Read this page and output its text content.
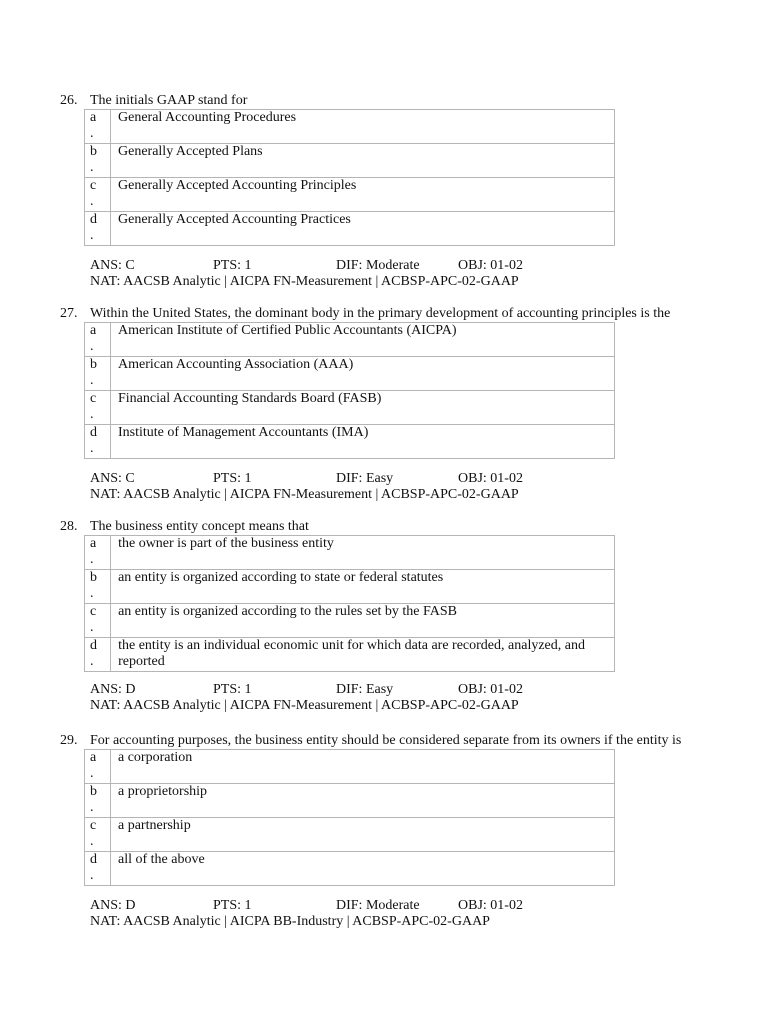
26. The initials GAAP stand for
a
.	General Accounting Procedures
b
.	Generally Accepted Plans
c
.	Generally Accepted Accounting Principles
d
.	Generally Accepted Accounting Practices
ANS: C	PTS: 1	DIF: Moderate	OBJ: 01-02
NAT: AACSB Analytic | AICPA FN-Measurement | ACBSP-APC-02-GAAP
27. Within the United States, the dominant body in the primary development of accounting principles is the
a
.	American Institute of Certified Public Accountants (AICPA)
b
.	American Accounting Association (AAA)
c
.	Financial Accounting Standards Board (FASB)
d
.	Institute of Management Accountants (IMA)
ANS: C	PTS: 1	DIF: Easy	OBJ: 01-02
NAT: AACSB Analytic | AICPA FN-Measurement | ACBSP-APC-02-GAAP
28. The business entity concept means that
a
.	the owner is part of the business entity
b
.	an entity is organized according to state or federal statutes
c
.	an entity is organized according to the rules set by the FASB
d
.	the entity is an individual economic unit for which data are recorded, analyzed, and reported
ANS: D	PTS: 1	DIF: Easy	OBJ: 01-02
NAT: AACSB Analytic | AICPA FN-Measurement | ACBSP-APC-02-GAAP
29. For accounting purposes, the business entity should be considered separate from its owners if the entity is
a
.	a corporation
b
.	a proprietorship
c
.	a partnership
d
.	all of the above
ANS: D	PTS: 1	DIF: Moderate	OBJ: 01-02
NAT: AACSB Analytic | AICPA BB-Industry | ACBSP-APC-02-GAAP
